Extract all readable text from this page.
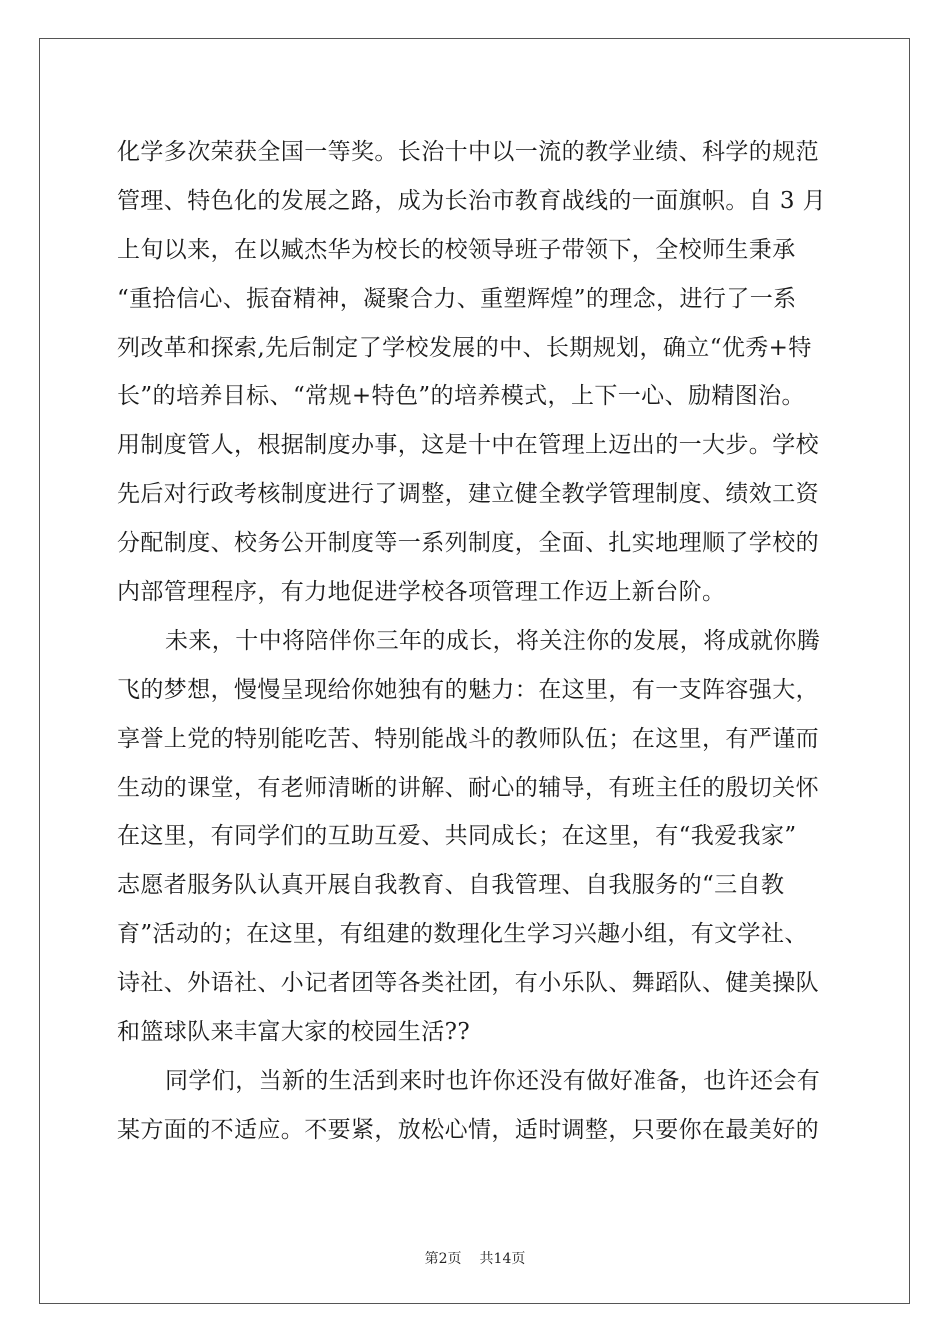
化学多次荣获全国一等奖。长治十中以一流的教学业绩、科学的规范
管理、特色化的发展之路，成为长治市教育战线的一面旗帜。自 3 月
上旬以来，在以臧杰华为校长的校领导班子带领下，全校师生秉承
“重拾信心、振奋精神，凝聚合力、重塑辉煌”的理念，进行了一系
列改革和探索,先后制定了学校发展的中、长期规划，确立“优秀+特
长”的培养目标、“常规+特色”的培养模式，上下一心、励精图治。
用制度管人，根据制度办事，这是十中在管理上迈出的一大步。学校
先后对行政考核制度进行了调整，建立健全教学管理制度、绩效工资
分配制度、校务公开制度等一系列制度，全面、扎实地理顺了学校的
内部管理程序，有力地促进学校各项管理工作迈上新台阶。
未来，十中将陪伴你三年的成长，将关注你的发展，将成就你腾
飞的梦想，慢慢呈现给你她独有的魅力：在这里，有一支阵容强大，
享誉上党的特别能吃苦、特别能战斗的教师队伍；在这里，有严谨而
生动的课堂，有老师清晰的讲解、耐心的辅导，有班主任的殷切关怀
在这里，有同学们的互助互爱、共同成长；在这里，有“我爱我家”
志愿者服务队认真开展自我教育、自我管理、自我服务的“三自教
育”活动的；在这里，有组建的数理化生学习兴趣小组，有文学社、
诗社、外语社、小记者团等各类社团，有小乐队、舞蹈队、健美操队
和篮球队来丰富大家的校园生活??
同学们，当新的生活到来时也许你还没有做好准备，也许还会有
某方面的不适应。不要紧，放松心情，适时调整，只要你在最美好的
第2页 共14页
